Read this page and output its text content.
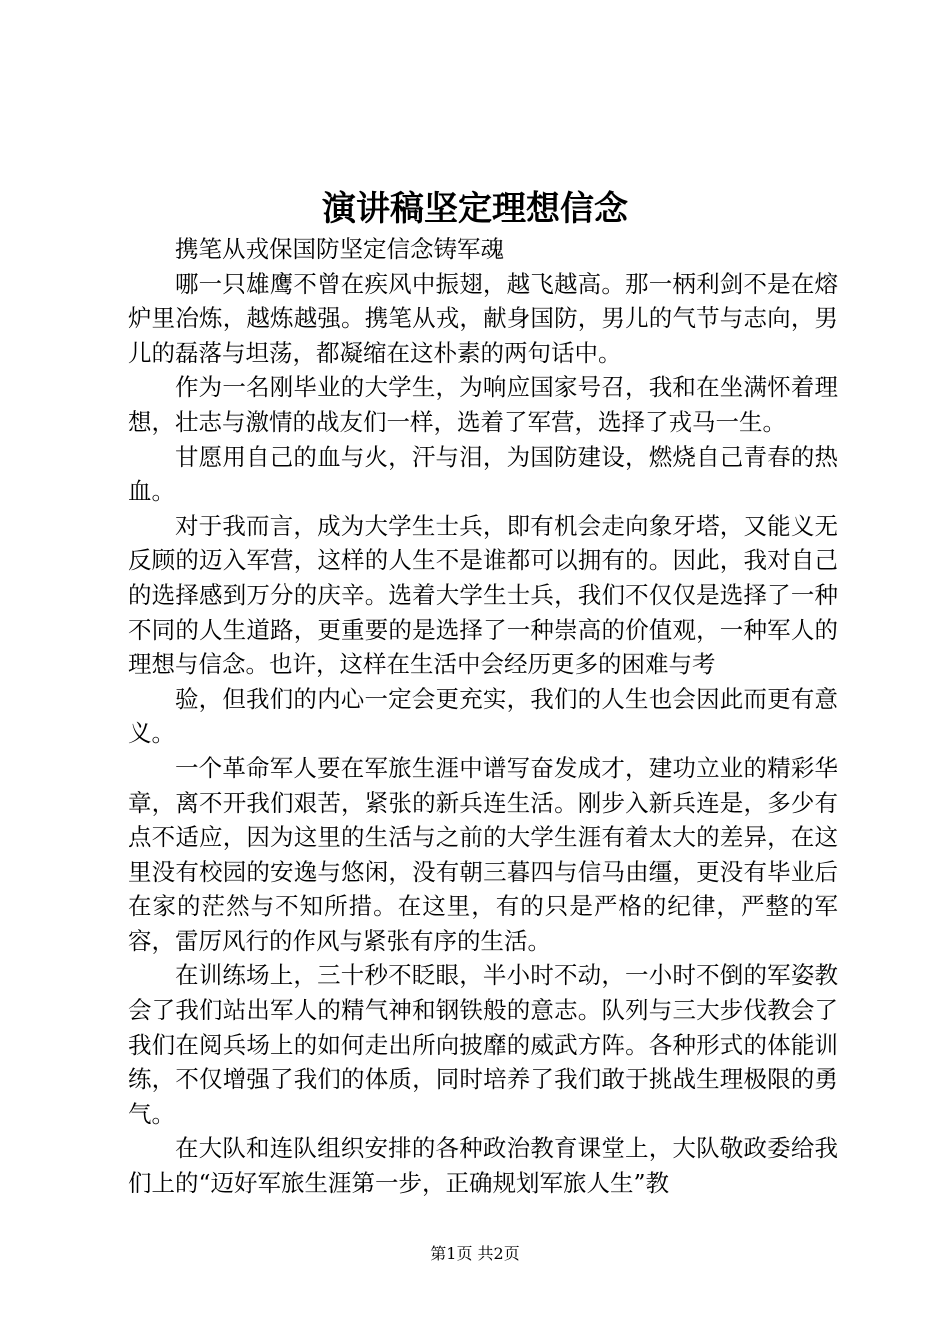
演讲稿坚定理想信念

携笔从戎保国防坚定信念铸军魂

哪一只雄鹰不曾在疾风中振翅，越飞越高。那一柄利剑不是在熔炉里冶炼，越炼越强。携笔从戎，献身国防，男儿的气节与志向，男儿的磊落与坦荡，都凝缩在这朴素的两句话中。

作为一名刚毕业的大学生，为响应国家号召，我和在坐满怀着理想，壮志与激情的战友们一样，选着了军营，选择了戎马一生。

甘愿用自己的血与火，汗与泪，为国防建设，燃烧自己青春的热血。

对于我而言，成为大学生士兵，即有机会走向象牙塔，又能义无反顾的迈入军营，这样的人生不是谁都可以拥有的。因此，我对自己的选择感到万分的庆辛。选着大学生士兵，我们不仅仅是选择了一种不同的人生道路，更重要的是选择了一种崇高的价值观，一种军人的理想与信念。也许，这样在生活中会经历更多的困难与考

验，但我们的内心一定会更充实，我们的人生也会因此而更有意义。

一个革命军人要在军旅生涯中谱写奋发成才，建功立业的精彩华章，离不开我们艰苦，紧张的新兵连生活。刚步入新兵连是，多少有点不适应，因为这里的生活与之前的大学生涯有着太大的差异，在这里没有校园的安逸与悠闲，没有朝三暮四与信马由缰，更没有毕业后在家的茫然与不知所措。在这里，有的只是严格的纪律，严整的军容，雷厉风行的作风与紧张有序的生活。

在训练场上，三十秒不眨眼，半小时不动，一小时不倒的军姿教会了我们站出军人的精气神和钢铁般的意志。队列与三大步伐教会了我们在阅兵场上的如何走出所向披靡的威武方阵。各种形式的体能训练，不仅增强了我们的体质，同时培养了我们敢于挑战生理极限的勇气。

在大队和连队组织安排的各种政治教育课堂上，大队敬政委给我们上的“迈好军旅生涯第一步，正确规划军旅人生”教

第1页 共2页
